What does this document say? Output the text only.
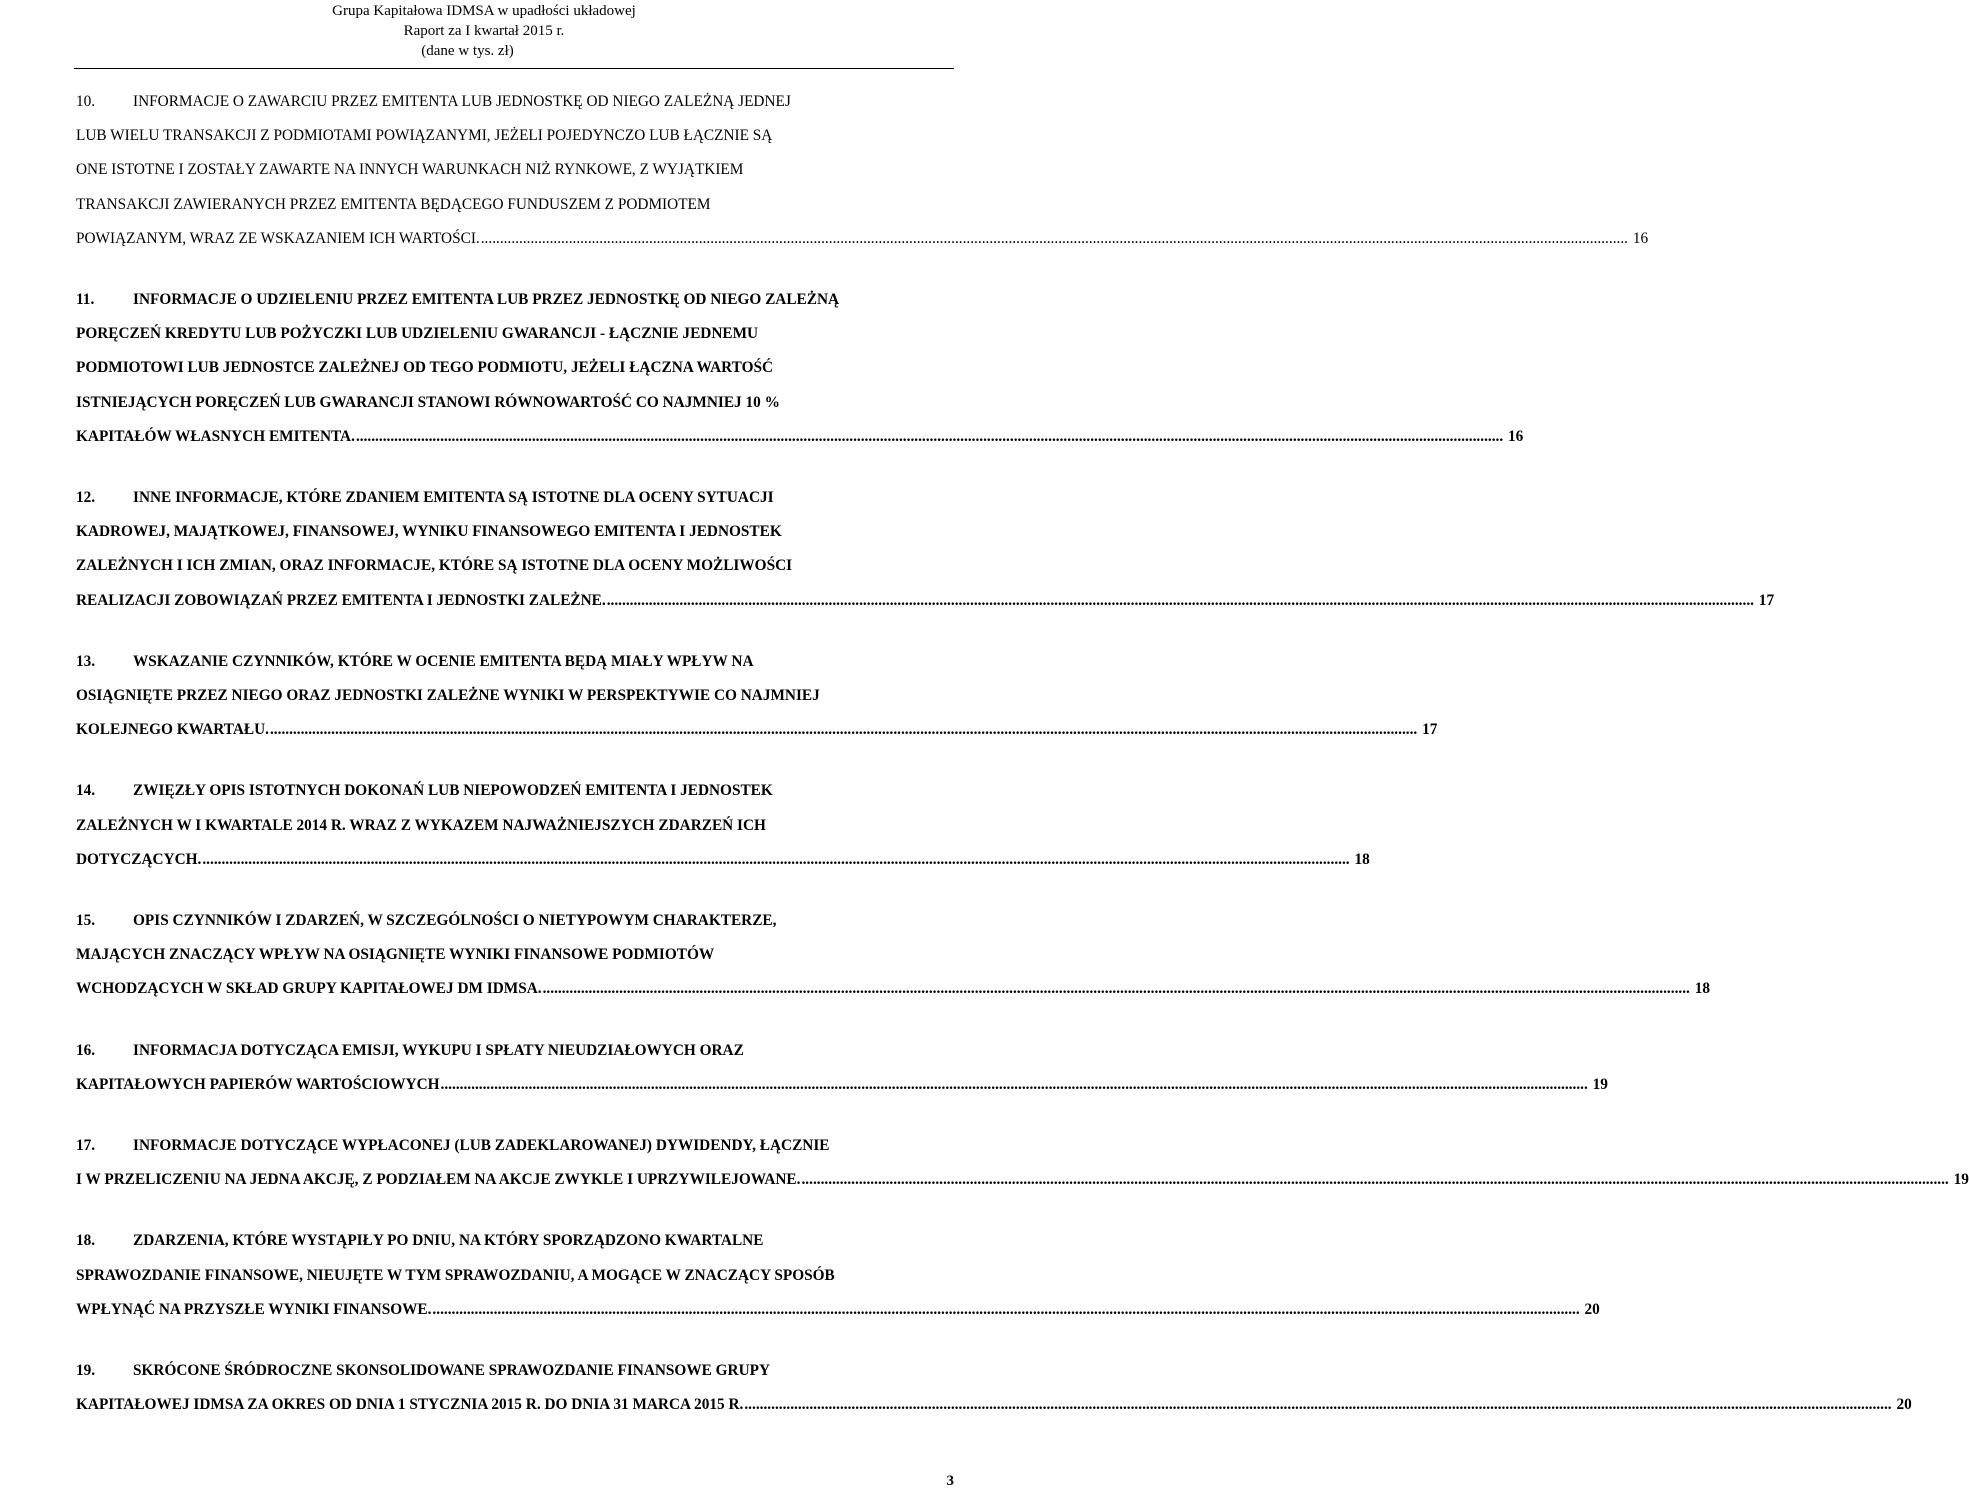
Grupa Kapitałowa IDMSA w upadłości układowej
Raport za I kwartał 2015 r.
(dane w tys. zł)
10. INFORMACJE O ZAWARCIU PRZEZ EMITENTA LUB JEDNOSTKĘ OD NIEGO ZALEŻNĄ JEDNEJ
LUB WIELU TRANSAKCJI Z PODMIOTAMI POWIĄZANYMI, JEŻELI POJEDYNCZO LUB ŁĄCZNIE SĄ
ONE ISTOTNE I ZOSTAŁY ZAWARTE NA INNYCH WARUNKACH NIŻ RYNKOWE, Z WYJĄTKIEM
TRANSAKCJI ZAWIERANYCH PRZEZ EMITENTA BĘDĄCEGO FUNDUSZEM Z PODMIOTEM
POWIĄZANYM, WRAZ ZE WSKAZANIEM ICH WARTOŚCI. ............................................................................................................................................................................................................................................................................................................
16
11.	INFORMACJE O UDZIELENIU PRZEZ EMITENTA LUB PRZEZ JEDNOSTKĘ OD NIEGO ZALEŻNĄ
PORĘCZEŃ KREDYTU LUB POŻYCZKI LUB UDZIELENIU GWARANCJI - ŁĄCZNIE JEDNEMU
PODMIOTOWI LUB JEDNOSTCE ZALEŻNEJ OD TEGO PODMIOTU, JEŻELI ŁĄCZNA WARTOŚĆ
ISTNIEJĄCYCH PORĘCZEŃ LUB GWARANCJI STANOWI RÓWNOWARTOŚĆ CO NAJMNIEJ 10 %
KAPITAŁÓW WŁASNYCH EMITENTA. ............................................................................................................................................................................................................................................................................................................
16
12. INNE INFORMACJE, KTÓRE ZDANIEM EMITENTA SĄ ISTOTNE DLA OCENY SYTUACJI
KADROWEJ, MAJĄTKOWEJ, FINANSOWEJ, WYNIKU FINANSOWEGO EMITENTA I JEDNOSTEK
ZALEŻNYCH I ICH ZMIAN, ORAZ INFORMACJE, KTÓRE SĄ ISTOTNE DLA OCENY MOŻLIWOŚCI
REALIZACJI ZOBOWIĄZAŃ PRZEZ EMITENTA I JEDNOSTKI ZALEŻNE. ............................................................................................................................................................................................................................................................................................................
17
13. WSKAZANIE CZYNNIKÓW, KTÓRE W OCENIE EMITENTA BĘDĄ MIAŁY WPŁYW NA
OSIĄGNIĘTE PRZEZ NIEGO ORAZ JEDNOSTKI ZALEŻNE WYNIKI W PERSPEKTYWIE CO NAJMNIEJ
KOLEJNEGO KWARTAŁU. ............................................................................................................................................................................................................................................................................................................
17
14. ZWIĘZŁY OPIS ISTOTNYCH DOKONAŃ LUB NIEPOWODZEŃ EMITENTA I JEDNOSTEK
ZALEŻNYCH W I KWARTALE 2014 R. WRAZ Z WYKAZEM NAJWAŻNIEJSZYCH ZDARZEŃ ICH
DOTYCZĄCYCH. ............................................................................................................................................................................................................................................................................................................
18
15. OPIS CZYNNIKÓW I ZDARZEŃ, W SZCZEGÓLNOŚCI O NIETYPOWYM CHARAKTERZE,
MAJĄCYCH ZNACZĄCY WPŁYW NA OSIĄGNIĘTE WYNIKI FINANSOWE PODMIOTÓW
WCHODZĄCYCH W SKŁAD GRUPY KAPITAŁOWEJ DM IDMSA. ............................................................................................................................................................................................................................................................................................................
18
16. INFORMACJA DOTYCZĄCA EMISJI, WYKUPU I SPŁATY NIEUDZIAŁOWYCH ORAZ
KAPITAŁOWYCH PAPIERÓW WARTOŚCIOWYCH ............................................................................................................................................................................................................................................................................................................
19
17. INFORMACJE DOTYCZĄCE WYPŁACONEJ (LUB ZADEKLAROWANEJ) DYWIDENDY, ŁĄCZNIE
I W PRZELICZENIU NA JEDNA AKCJĘ, Z PODZIAŁEM NA AKCJE ZWYKLE I UPRZYWILEJOWANE. ............................................................................................................................................................................................................................................................................................................
19
18. ZDARZENIA, KTÓRE WYSTĄPIŁY PO DNIU, NA KTÓRY SPORZĄDZONO KWARTALNE
SPRAWOZDANIE FINANSOWE, NIEUJĘTE W TYM SPRAWOZDANIU, A MOGĄCE W ZNACZĄCY SPOSÓB
WPŁYNĄĆ NA PRZYSZŁE WYNIKI FINANSOWE. ............................................................................................................................................................................................................................................................................................................
20
19. SKRÓCONE ŚRÓDROCZNE SKONSOLIDOWANE SPRAWOZDANIE FINANSOWE GRUPY
KAPITAŁOWEJ IDMSA ZA OKRES OD DNIA 1 STYCZNIA 2015 R. DO DNIA 31 MARCA 2015 R. ............................................................................................................................................................................................................................................................................................................
20
3
